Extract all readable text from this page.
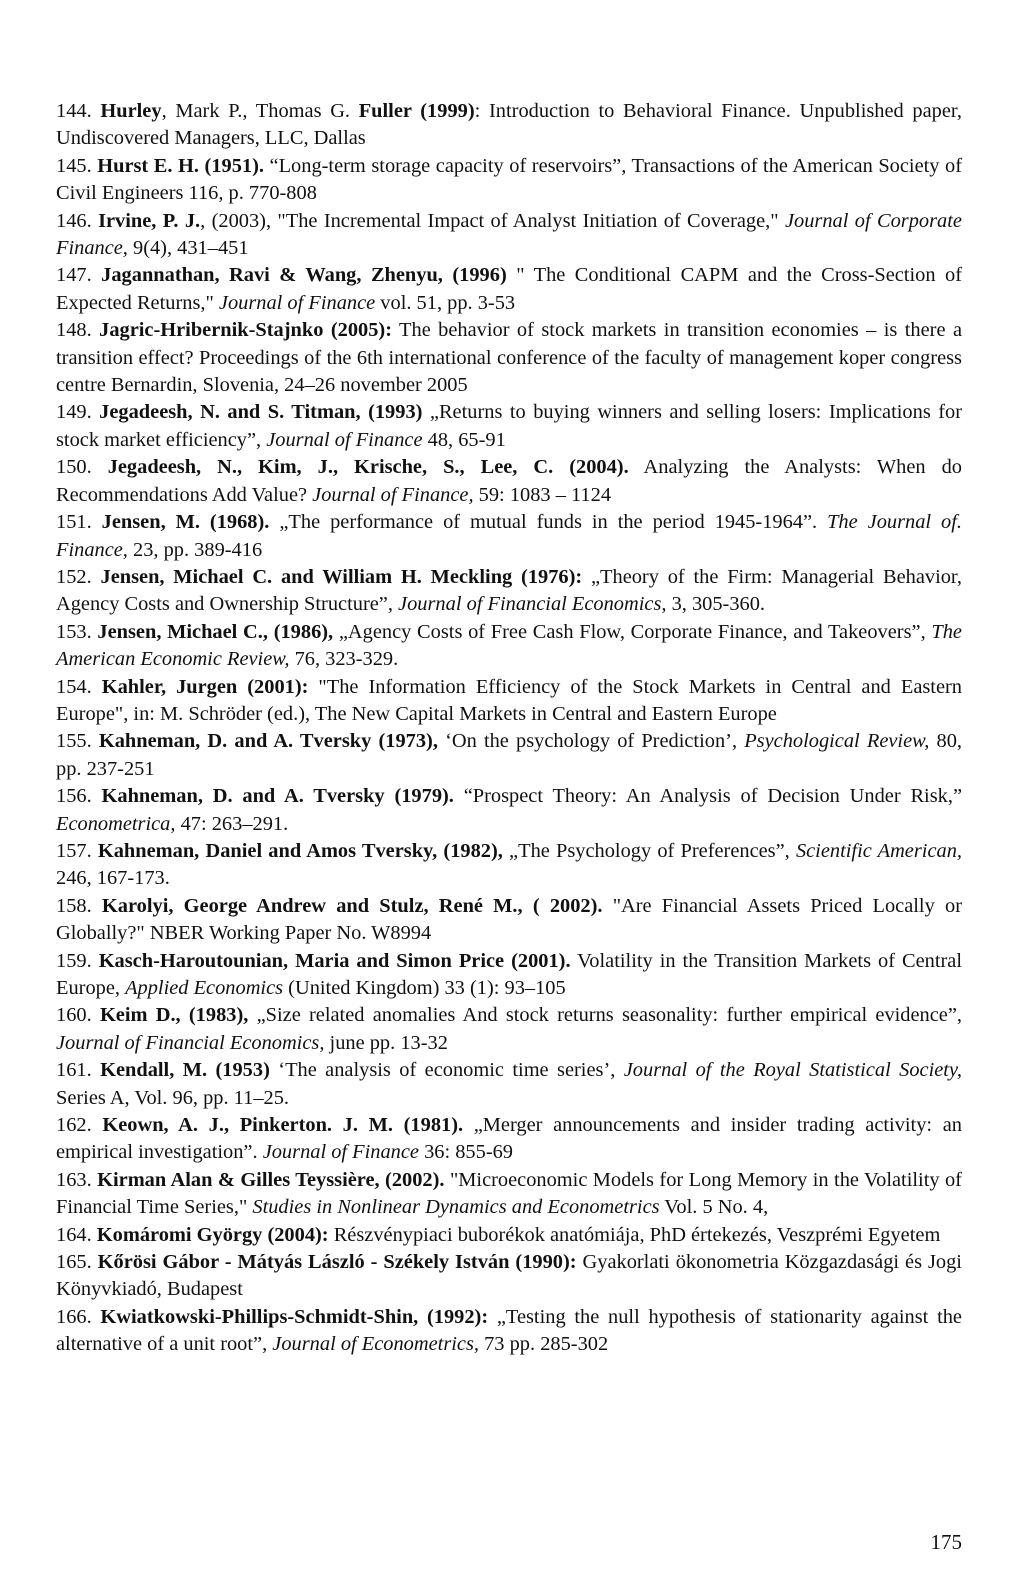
144. Hurley, Mark P., Thomas G. Fuller (1999): Introduction to Behavioral Finance. Unpublished paper, Undiscovered Managers, LLC, Dallas

145. Hurst E. H. (1951). “Long-term storage capacity of reservoirs”, Transactions of the American Society of Civil Engineers 116, p. 770-808

146. Irvine, P. J., (2003), "The Incremental Impact of Analyst Initiation of Coverage," Journal of Corporate Finance, 9(4), 431–451

147. Jagannathan, Ravi & Wang, Zhenyu, (1996) " The Conditional CAPM and the Cross-Section of Expected Returns," Journal of Finance vol. 51, pp. 3-53

148. Jagric-Hribernik-Stajnko (2005): The behavior of stock markets in transition economies – is there a transition effect? Proceedings of the 6th international conference of the faculty of management koper congress centre Bernardin, Slovenia, 24–26 november 2005

149. Jegadeesh, N. and S. Titman, (1993) „Returns to buying winners and selling losers: Implications for stock market efficiency”, Journal of Finance 48, 65-91

150. Jegadeesh, N., Kim, J., Krische, S., Lee, C. (2004). Analyzing the Analysts: When do Recommendations Add Value? Journal of Finance, 59: 1083 – 1124

151. Jensen, M. (1968). „The performance of mutual funds in the period 1945-1964”. The Journal of. Finance, 23, pp. 389-416

152. Jensen, Michael C. and William H. Meckling (1976): „Theory of the Firm: Managerial Behavior, Agency Costs and Ownership Structure”, Journal of Financial Economics, 3, 305-360.

153. Jensen, Michael C., (1986), „Agency Costs of Free Cash Flow, Corporate Finance, and Takeovers”, The American Economic Review, 76, 323-329.

154. Kahler, Jurgen (2001): "The Information Efficiency of the Stock Markets in Central and Eastern Europe", in: M. Schröder (ed.), The New Capital Markets in Central and Eastern Europe

155. Kahneman, D. and A. Tversky (1973), ‘On the psychology of Prediction’, Psychological Review, 80, pp. 237-251

156. Kahneman, D. and A. Tversky (1979). “Prospect Theory: An Analysis of Decision Under Risk,” Econometrica, 47: 263–291.

157. Kahneman, Daniel and Amos Tversky, (1982), „The Psychology of Preferences”, Scientific American, 246, 167-173.

158. Karolyi, George Andrew and Stulz, René M., ( 2002). "Are Financial Assets Priced Locally or Globally?" NBER Working Paper No. W8994

159. Kasch-Haroutounian, Maria and Simon Price (2001). Volatility in the Transition Markets of Central Europe, Applied Economics (United Kingdom) 33 (1): 93–105

160. Keim D., (1983), „Size related anomalies And stock returns seasonality: further empirical evidence”, Journal of Financial Economics, june pp. 13-32

161. Kendall, M. (1953) ‘The analysis of economic time series’, Journal of the Royal Statistical Society, Series A, Vol. 96, pp. 11–25.

162. Keown, A. J., Pinkerton. J. M. (1981). „Merger announcements and insider trading activity: an empirical investigation”. Journal of Finance 36: 855-69

163. Kirman Alan & Gilles Teyssière, (2002). "Microeconomic Models for Long Memory in the Volatility of Financial Time Series," Studies in Nonlinear Dynamics and Econometrics Vol. 5 No. 4,

164. Komáromi György (2004): Részvénypiaci buborékok anatómiája, PhD értekezés, Veszprémi Egyetem

165. Kőrösi Gábor - Mátyás László - Székely István (1990): Gyakorlati ökonometria Közgazdasági és Jogi Könyvkiadó, Budapest

166. Kwiatkowski-Phillips-Schmidt-Shin, (1992): „Testing the null hypothesis of stationarity against the alternative of a unit root”, Journal of Econometrics, 73 pp. 285-302

175
